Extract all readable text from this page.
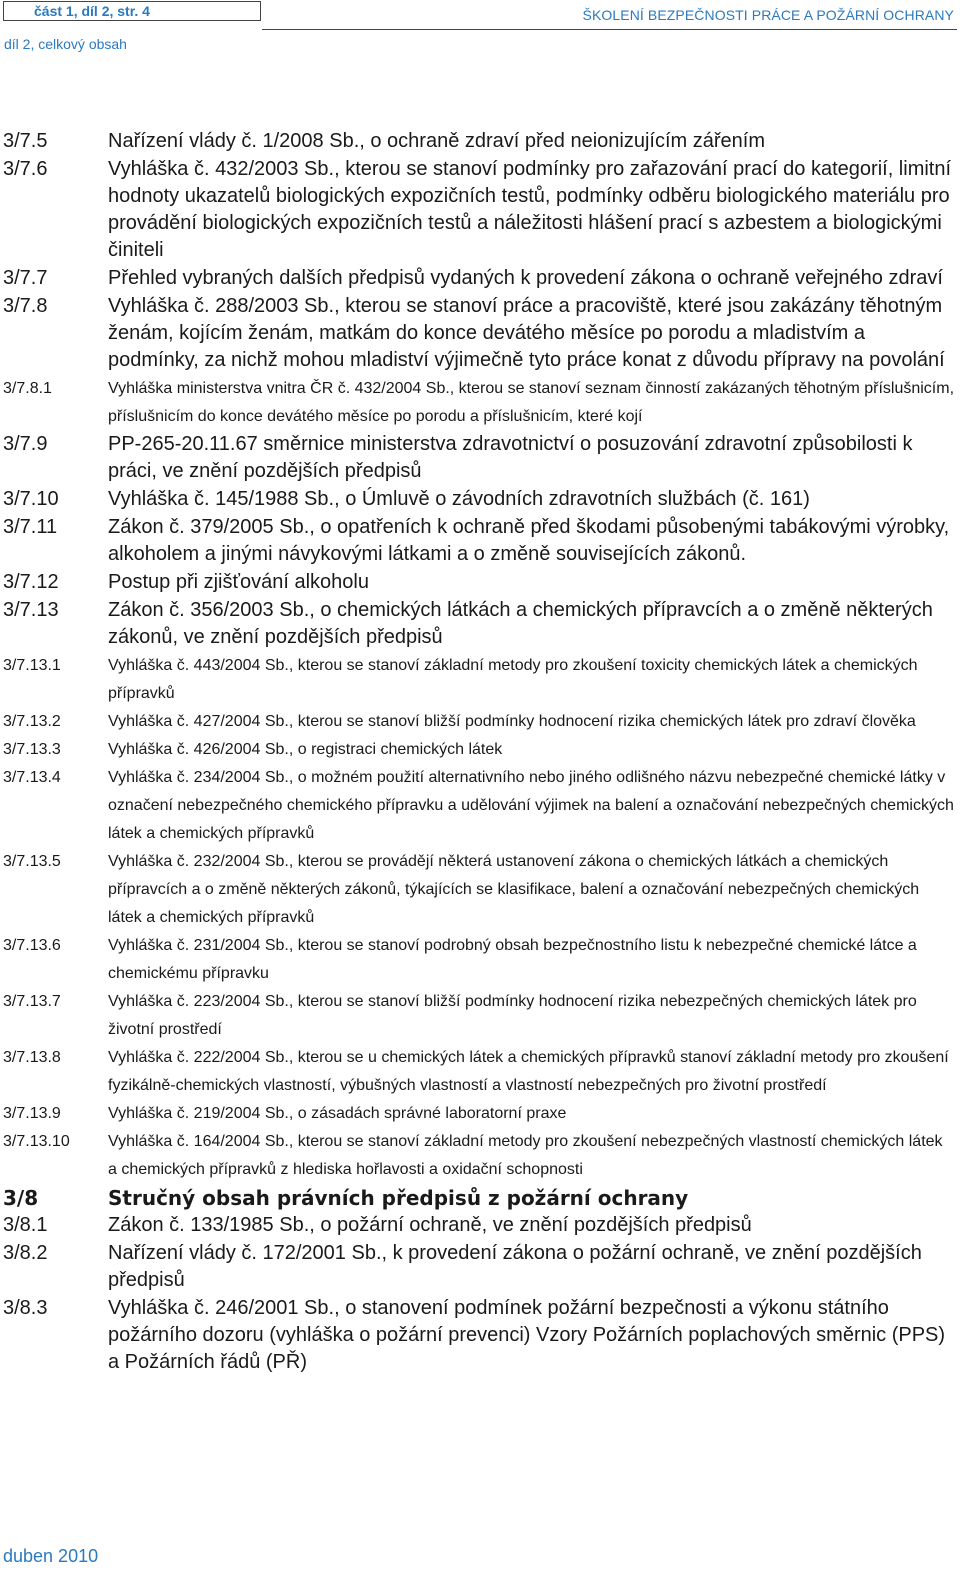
část 1, díl 2, str. 4	ŠKOLENÍ BEZPEČNOSTI PRÁCE A POŽÁRNÍ OCHRANY
díl 2, celkový obsah
3/7.5	Nařízení vlády č. 1/2008 Sb., o ochraně zdraví před neionizujícím zářením
3/7.6	Vyhláška č. 432/2003 Sb., kterou se stanoví podmínky pro zařazování prací do kategorií, limitní hodnoty ukazatelů biologických expozičních testů, podmínky odběru biologického materiálu pro provádění biologických expozičních testů a náležitosti hlášení prací s azbestem a biologickými činiteli
3/7.7	Přehled vybraných dalších předpisů vydaných k provedení zákona o ochraně veřejného zdraví
3/7.8	Vyhláška č. 288/2003 Sb., kterou se stanoví práce a pracoviště, které jsou zakázány těhotným ženám, kojícím ženám, matkám do konce devátého měsíce po porodu a mladistvím a podmínky, za nichž mohou mladiství výjimečně tyto práce konat z důvodu přípravy na povolání
3/7.8.1	Vyhláška ministerstva vnitra ČR č. 432/2004 Sb., kterou se stanoví seznam činností zakázaných těhotným příslušnicím, příslušnicím do konce devátého měsíce po porodu a příslušnicím, které kojí
3/7.9	PP-265-20.11.67 směrnice ministerstva zdravotnictví o posuzování zdravotní způsobilosti k práci, ve znění pozdějších předpisů
3/7.10	Vyhláška č. 145/1988 Sb., o Úmluvě o závodních zdravotních službách (č. 161)
3/7.11	Zákon č. 379/2005 Sb., o opatřeních k ochraně před škodami působenými tabákovými výrobky, alkoholem a jinými návykovými látkami a o změně souvisejících zákonů.
3/7.12	Postup při zjišťování alkoholu
3/7.13	Zákon č. 356/2003 Sb., o chemických látkách a chemických přípravcích a o změně některých zákonů, ve znění pozdějších předpisů
3/7.13.1	Vyhláška č. 443/2004 Sb., kterou se stanoví základní metody pro zkoušení toxicity chemických látek a chemických přípravků
3/7.13.2	Vyhláška č. 427/2004 Sb., kterou se stanoví bližší podmínky hodnocení rizika chemických látek pro zdraví člověka
3/7.13.3	Vyhláška č. 426/2004 Sb., o registraci chemických látek
3/7.13.4	Vyhláška č. 234/2004 Sb., o možném použití alternativního nebo jiného odlišného názvu nebezpečné chemické látky v označení nebezpečného chemického přípravku a udělování výjimek na balení a označování nebezpečných chemických látek a chemických přípravků
3/7.13.5	Vyhláška č. 232/2004 Sb., kterou se provádějí některá ustanovení zákona o chemických látkách a chemických přípravcích a o změně některých zákonů, týkajících se klasifikace, balení a označování nebezpečných chemických látek a chemických přípravků
3/7.13.6	Vyhláška č. 231/2004 Sb., kterou se stanoví podrobný obsah bezpečnostního listu k nebezpečné chemické látce a chemickému přípravku
3/7.13.7	Vyhláška č. 223/2004 Sb., kterou se stanoví bližší podmínky hodnocení rizika nebezpečných chemických látek pro životní prostředí
3/7.13.8	Vyhláška č. 222/2004 Sb., kterou se u chemických látek a chemických přípravků stanoví základní metody pro zkoušení fyzikálně-chemických vlastností, výbušných vlastností a vlastností nebezpečných pro životní prostředí
3/7.13.9	Vyhláška č. 219/2004 Sb., o zásadách správné laboratorní praxe
3/7.13.10	Vyhláška č. 164/2004 Sb., kterou se stanoví základní metody pro zkoušení nebezpečných vlastností chemických látek a chemických přípravků z hlediska hořlavosti a oxidační schopnosti
3/8	Stručný obsah právních předpisů z požární ochrany
3/8.1	Zákon č. 133/1985 Sb., o požární ochraně, ve znění pozdějších předpisů
3/8.2	Nařízení vlády č. 172/2001 Sb., k provedení zákona o požární ochraně, ve znění pozdějších předpisů
3/8.3	Vyhláška č. 246/2001 Sb., o stanovení podmínek požární bezpečnosti a výkonu státního požárního dozoru (vyhláška o požární prevenci) Vzory Požárních poplachových směrnic (PPS) a Požárních řádů (PŘ)
duben 2010
